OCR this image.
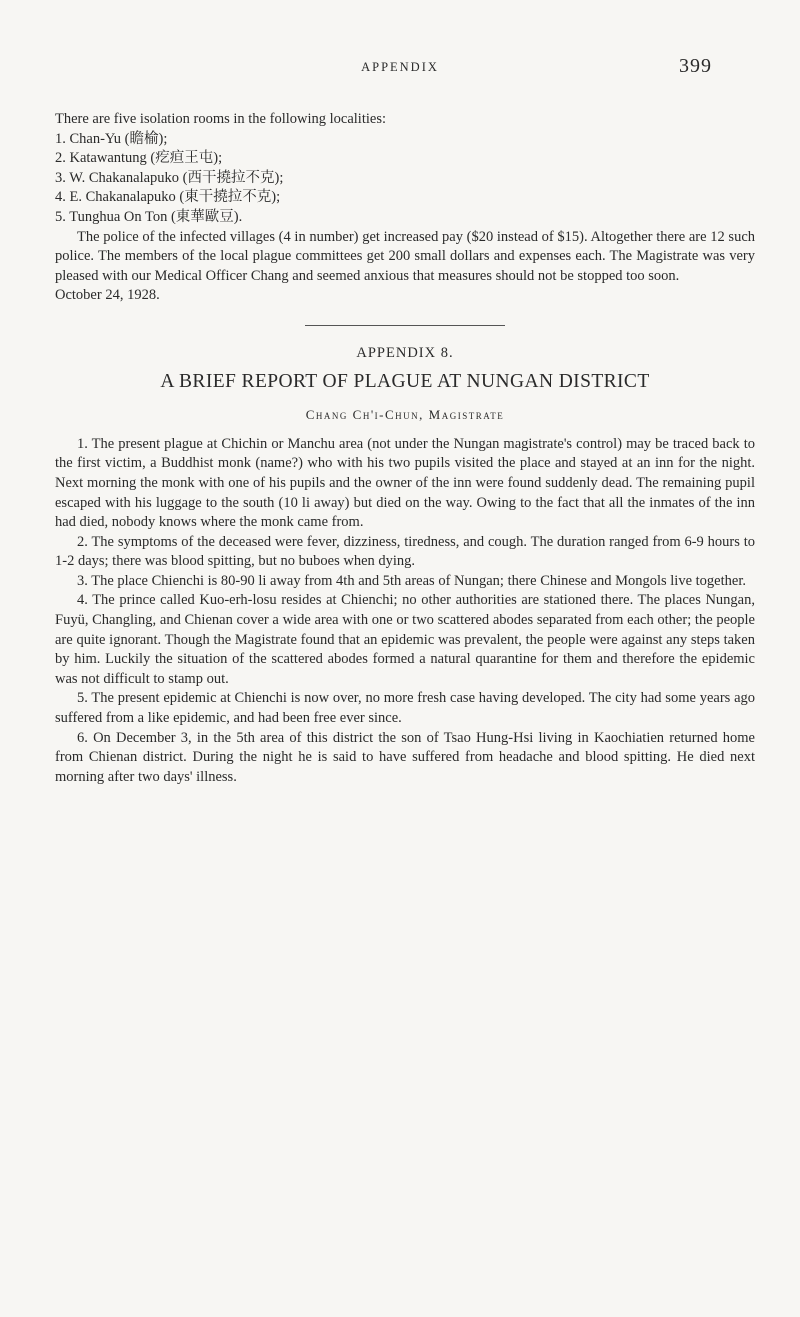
APPENDIX	399

There are five isolation rooms in the following localities:

1. Chan-Yu (瞻榆);
2. Katawantung (疙疸王屯);
3. W. Chakanalapuko (西干撓拉不克);
4. E. Chakanalapuko (東干撓拉不克);
5. Tunghua On Ton (東華歐豆).

The police of the infected villages (4 in number) get increased pay ($20 instead of $15). Altogether there are 12 such police. The members of the local plague committees get 200 small dollars and expenses each. The Magistrate was very pleased with our Medical Officer Chang and seemed anxious that measures should not be stopped too soon.

October 24, 1928.

APPENDIX 8.
A BRIEF REPORT OF PLAGUE AT NUNGAN DISTRICT
Chang Ch'i-Chun, Magistrate

1. The present plague at Chichin or Manchu area (not under the Nungan magistrate's control) may be traced back to the first victim, a Buddhist monk (name?) who with his two pupils visited the place and stayed at an inn for the night. Next morning the monk with one of his pupils and the owner of the inn were found suddenly dead. The remaining pupil escaped with his luggage to the south (10 li away) but died on the way. Owing to the fact that all the inmates of the inn had died, nobody knows where the monk came from.

2. The symptoms of the deceased were fever, dizziness, tiredness, and cough. The duration ranged from 6-9 hours to 1-2 days; there was blood spitting, but no buboes when dying.

3. The place Chienchi is 80-90 li away from 4th and 5th areas of Nungan; there Chinese and Mongols live together.

4. The prince called Kuo-erh-losu resides at Chienchi; no other authorities are stationed there. The places Nungan, Fuyü, Changling, and Chienan cover a wide area with one or two scattered abodes separated from each other; the people are quite ignorant. Though the Magistrate found that an epidemic was prevalent, the people were against any steps taken by him. Luckily the situation of the scattered abodes formed a natural quarantine for them and therefore the epidemic was not difficult to stamp out.

5. The present epidemic at Chienchi is now over, no more fresh case having developed. The city had some years ago suffered from a like epidemic, and had been free ever since.

6. On December 3, in the 5th area of this district the son of Tsao Hung-Hsi living in Kaochiatien returned home from Chienan district. During the night he is said to have suffered from headache and blood spitting. He died next morning after two days' illness.
